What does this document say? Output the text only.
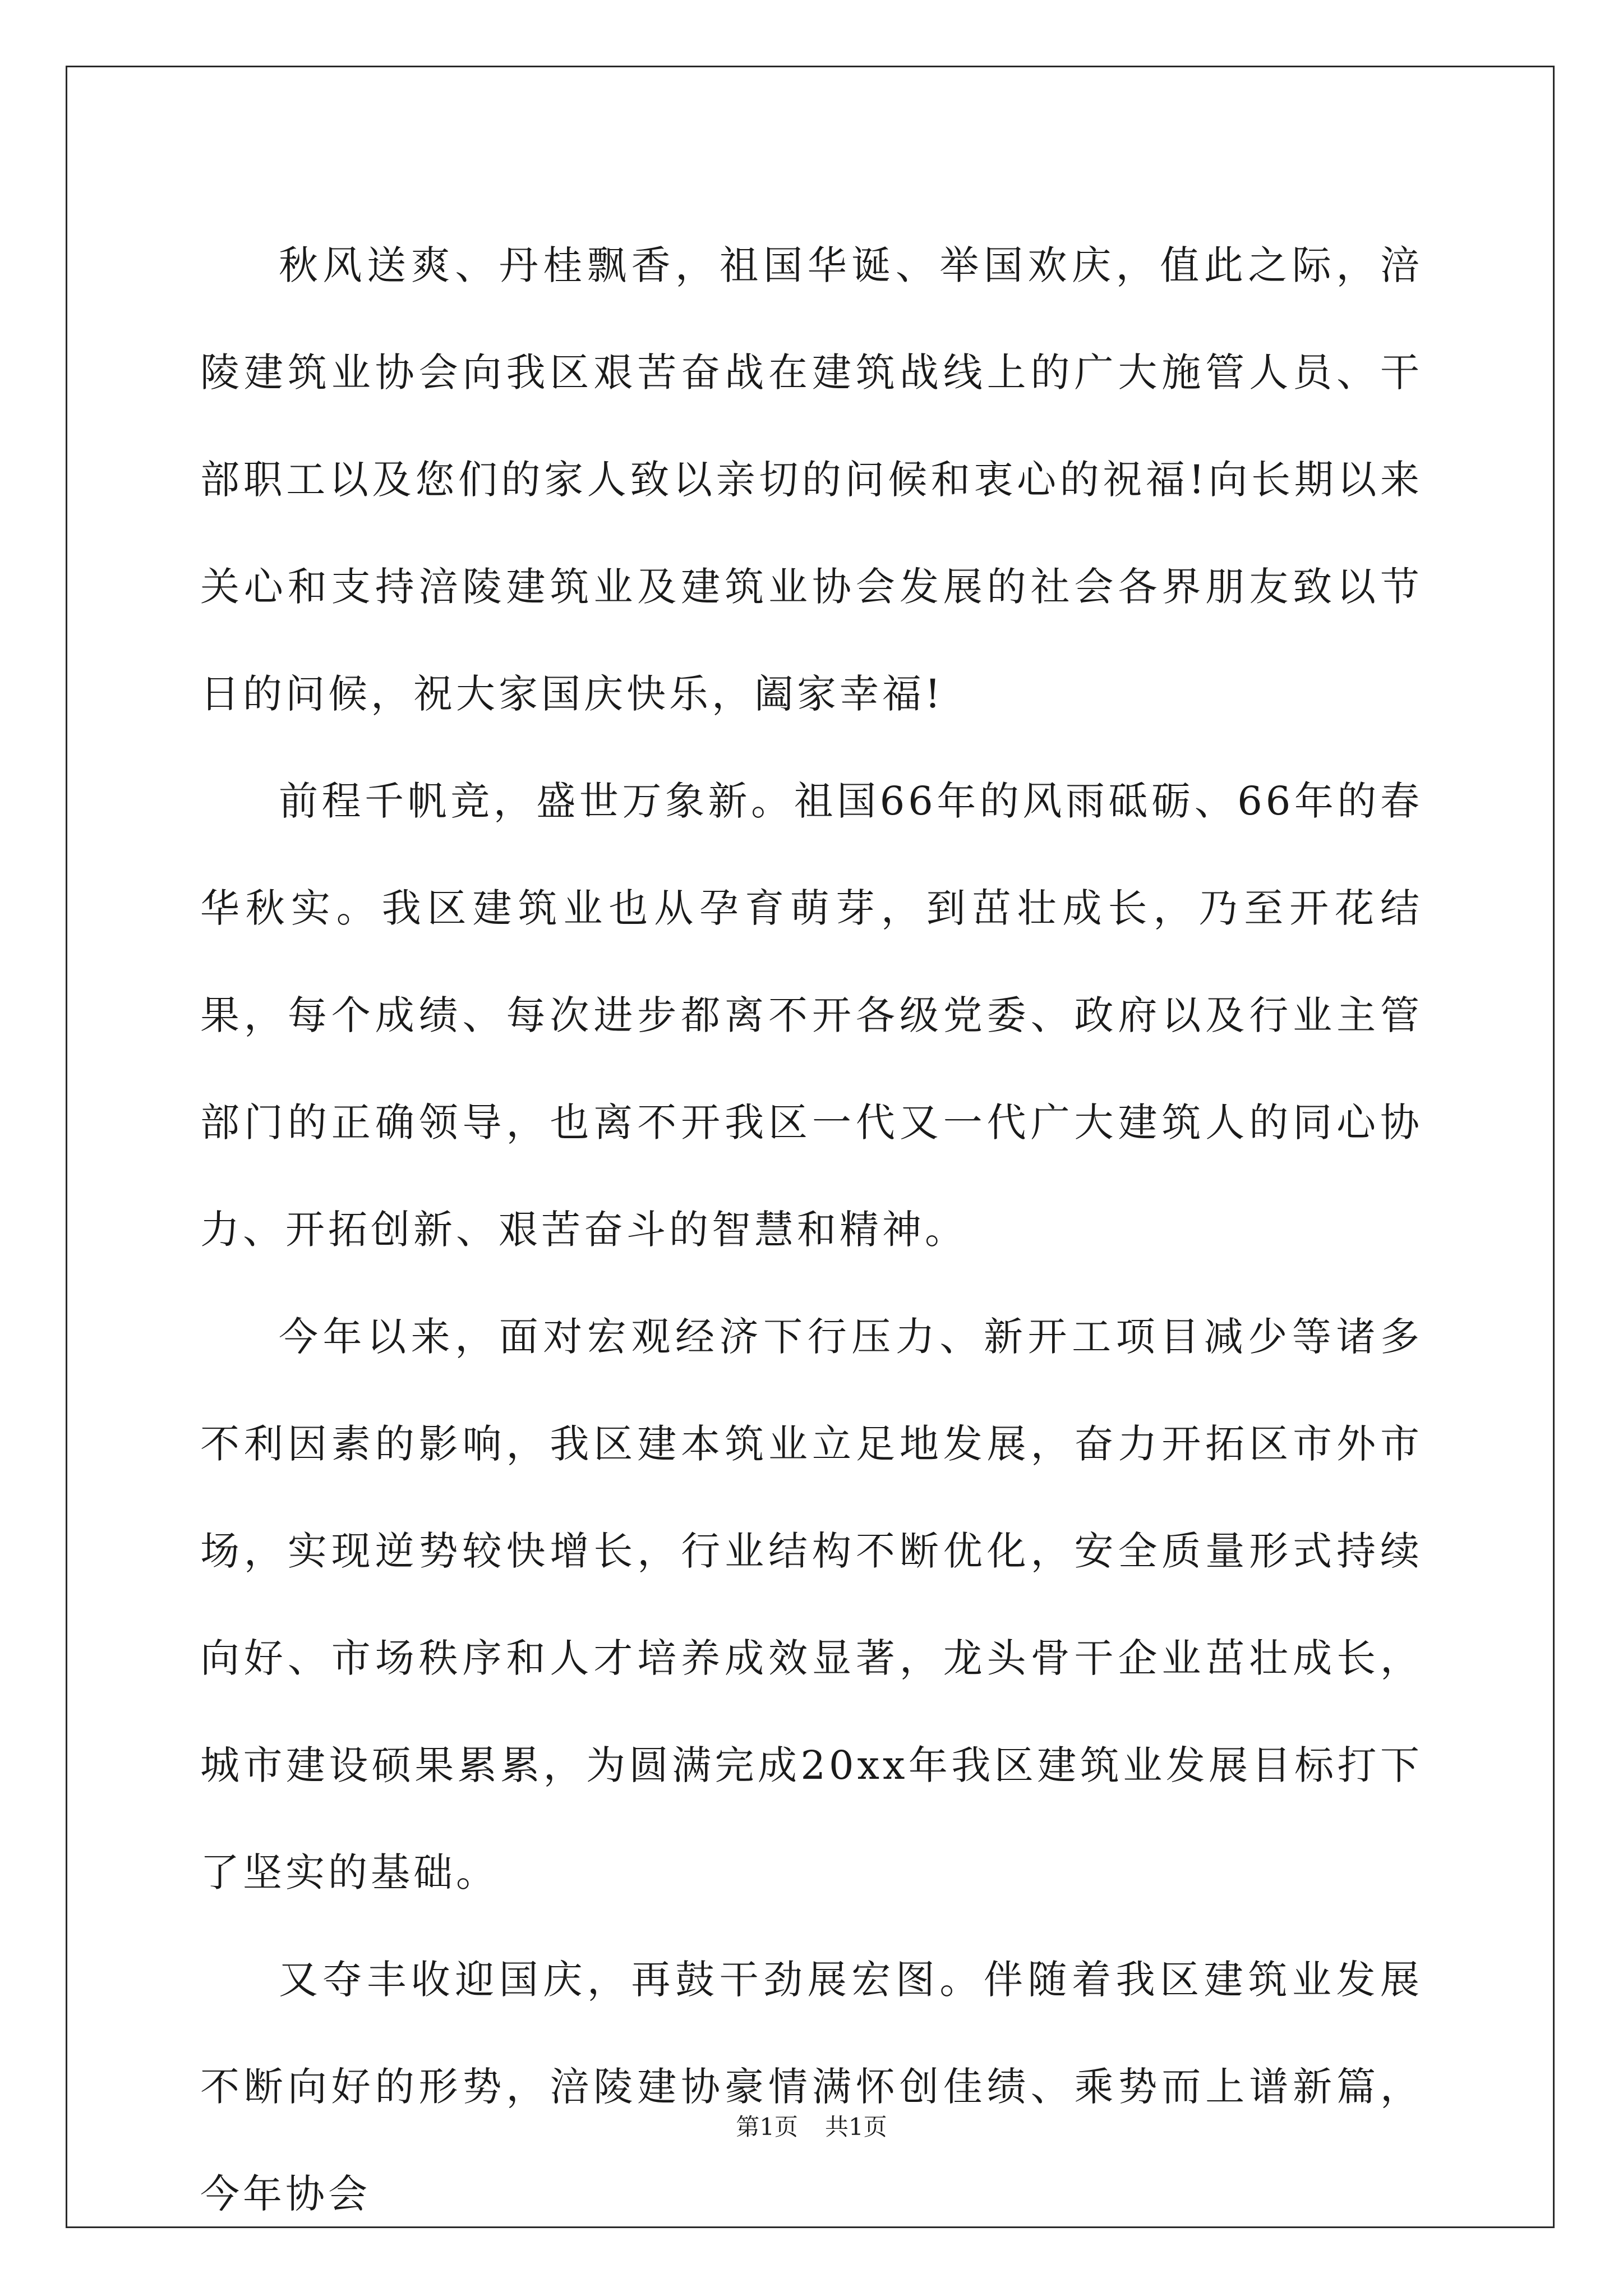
秋风送爽、丹桂飘香，祖国华诞、举国欢庆，值此之际，涪陵建筑业协会向我区艰苦奋战在建筑战线上的广大施管人员、干部职工以及您们的家人致以亲切的问候和衷心的祝福!向长期以来关心和支持涪陵建筑业及建筑业协会发展的社会各界朋友致以节日的问候，祝大家国庆快乐，阖家幸福!

前程千帆竞，盛世万象新。祖国66年的风雨砥砺、66年的春华秋实。我区建筑业也从孕育萌芽，到茁壮成长，乃至开花结果，每个成绩、每次进步都离不开各级党委、政府以及行业主管部门的正确领导，也离不开我区一代又一代广大建筑人的同心协力、开拓创新、艰苦奋斗的智慧和精神。

今年以来，面对宏观经济下行压力、新开工项目减少等诸多不利因素的影响，我区建本筑业立足地发展，奋力开拓区市外市场，实现逆势较快增长，行业结构不断优化，安全质量形式持续向好、市场秩序和人才培养成效显著，龙头骨干企业茁壮成长，城市建设硕果累累，为圆满完成20xx年我区建筑业发展目标打下了坚实的基础。

又夺丰收迎国庆，再鼓干劲展宏图。伴随着我区建筑业发展不断向好的形势，涪陵建协豪情满怀创佳绩、乘势而上谱新篇，今年协会

第1页 共1页
